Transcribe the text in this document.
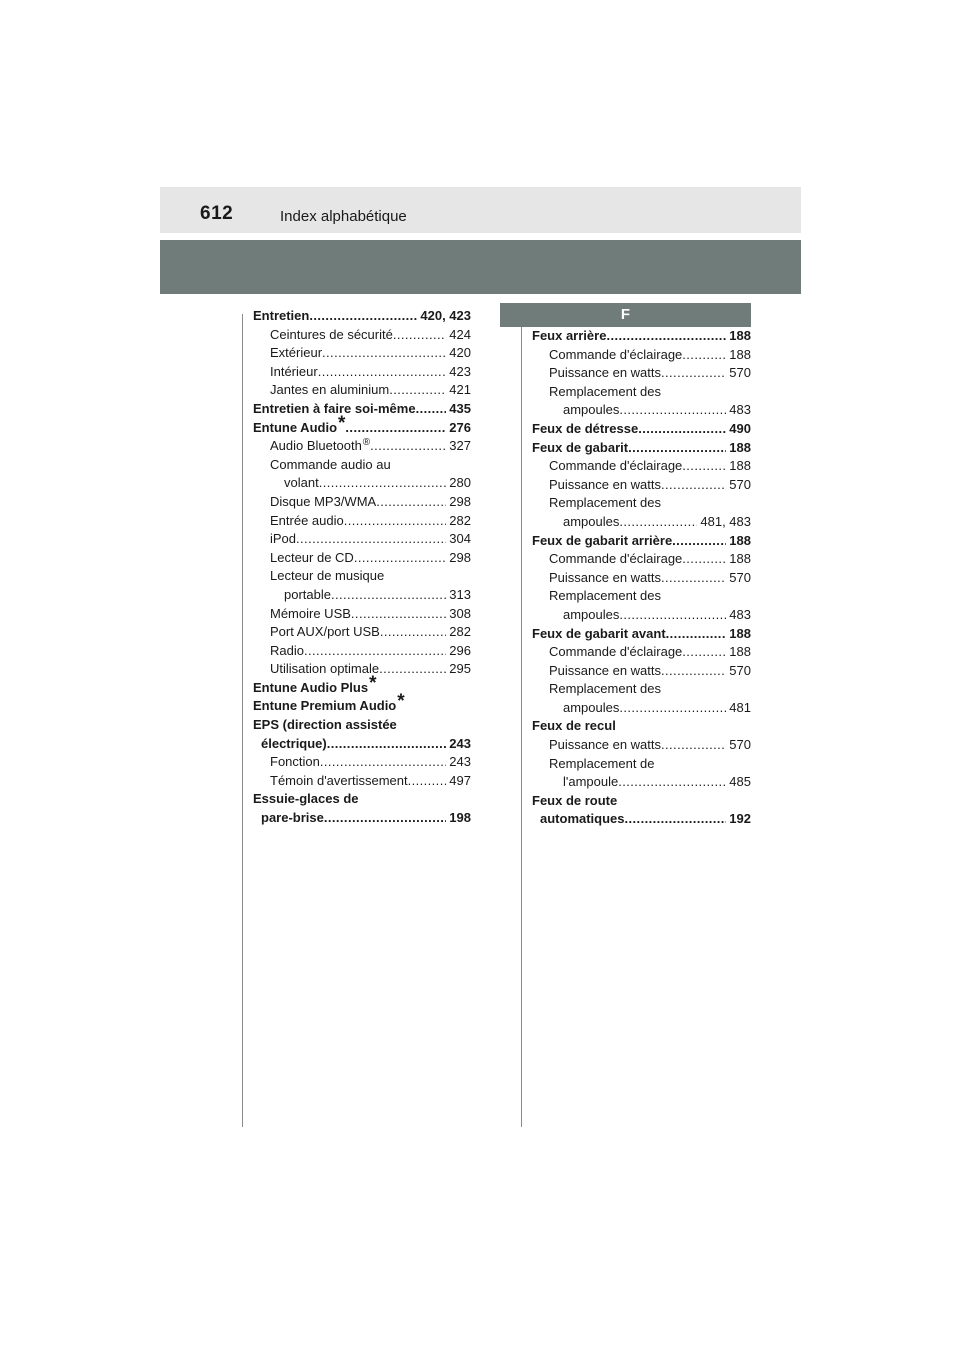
612	Index alphabétique
F
Entretien .....	420, 423
Ceintures de sécurité .....	424
Extérieur .....	420
Intérieur .....	423
Jantes en aluminium .....	421
Entretien à faire soi-même ..... 435
Entune Audio* .....	276
Audio Bluetooth® .....	327
Commande audio au
volant .....	280
Disque MP3/WMA .....	298
Entrée audio .....	282
iPod .....	304
Lecteur de CD .....	298
Lecteur de musique
portable .....	313
Mémoire USB .....	308
Port AUX/port USB .....	282
Radio .....	296
Utilisation optimale .....	295
Entune Audio Plus*
Entune Premium Audio*
EPS (direction assistée
électrique) .....	243
Fonction .....	243
Témoin d'avertissement .....	497
Essuie-glaces de
pare-brise .....	198
Feux arrière .....	188
Commande d'éclairage .....	188
Puissance en watts .....	570
Remplacement des
ampoules .....	483
Feux de détresse .....	490
Feux de gabarit .....	188
Commande d'éclairage .....	188
Puissance en watts .....	570
Remplacement des
ampoules .....	481, 483
Feux de gabarit arrière .....	188
Commande d'éclairage .....	188
Puissance en watts .....	570
Remplacement des
ampoules .....	483
Feux de gabarit avant .....	188
Commande d'éclairage .....	188
Puissance en watts .....	570
Remplacement des
ampoules .....	481
Feux de recul
Puissance en watts .....	570
Remplacement de
l'ampoule .....	485
Feux de route
automatiques .....	192
